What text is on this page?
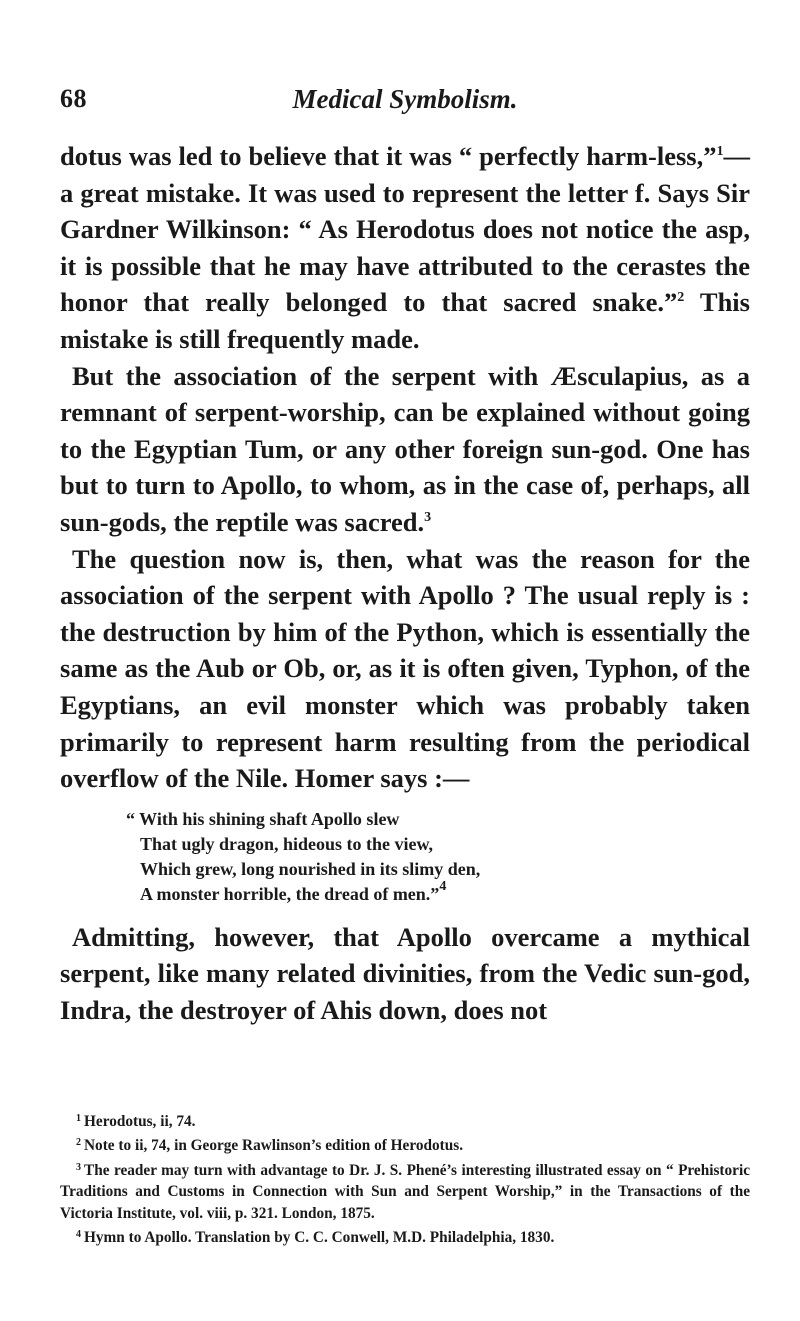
68	Medical Symbolism.

dotus was led to believe that it was “ perfectly harm-less,”$^1$—a great mistake. It was used to represent the letter f. Says Sir Gardner Wilkinson: “ As Herodotus does not notice the asp, it is possible that he may have attributed to the cerastes the honor that really belonged to that sacred snake.”$^2$ This mistake is still frequently made.

But the association of the serpent with Æsculapius, as a remnant of serpent-worship, can be explained without going to the Egyptian Tum, or any other foreign sun-god. One has but to turn to Apollo, to whom, as in the case of, perhaps, all sun-gods, the reptile was sacred.$^3$

The question now is, then, what was the reason for the association of the serpent with Apollo ? The usual reply is : the destruction by him of the Python, which is essentially the same as the Aub or Ob, or, as it is often given, Typhon, of the Egyptians, an evil monster which was probably taken primarily to represent harm resulting from the periodical overflow of the Nile. Homer says :—

“ With his shining shaft Apollo slew
That ugly dragon, hideous to the view,
Which grew, long nourished in its slimy den,
A monster horrible, the dread of men.”$^4$

Admitting, however, that Apollo overcame a mythical serpent, like many related divinities, from the Vedic sun-god, Indra, the destroyer of Ahis down, does not

$^1$ Herodotus, ii, 74.
$^2$ Note to ii, 74, in George Rawlinson’s edition of Herodotus.
$^3$ The reader may turn with advantage to Dr. J. S. Phené’s interesting illustrated essay on “ Prehistoric Traditions and Customs in Connection with Sun and Serpent Worship,” in the Transactions of the Victoria Institute, vol. viii, p. 321. London, 1875.
$^4$ Hymn to Apollo. Translation by C. C. Conwell, M.D. Philadelphia, 1830.
